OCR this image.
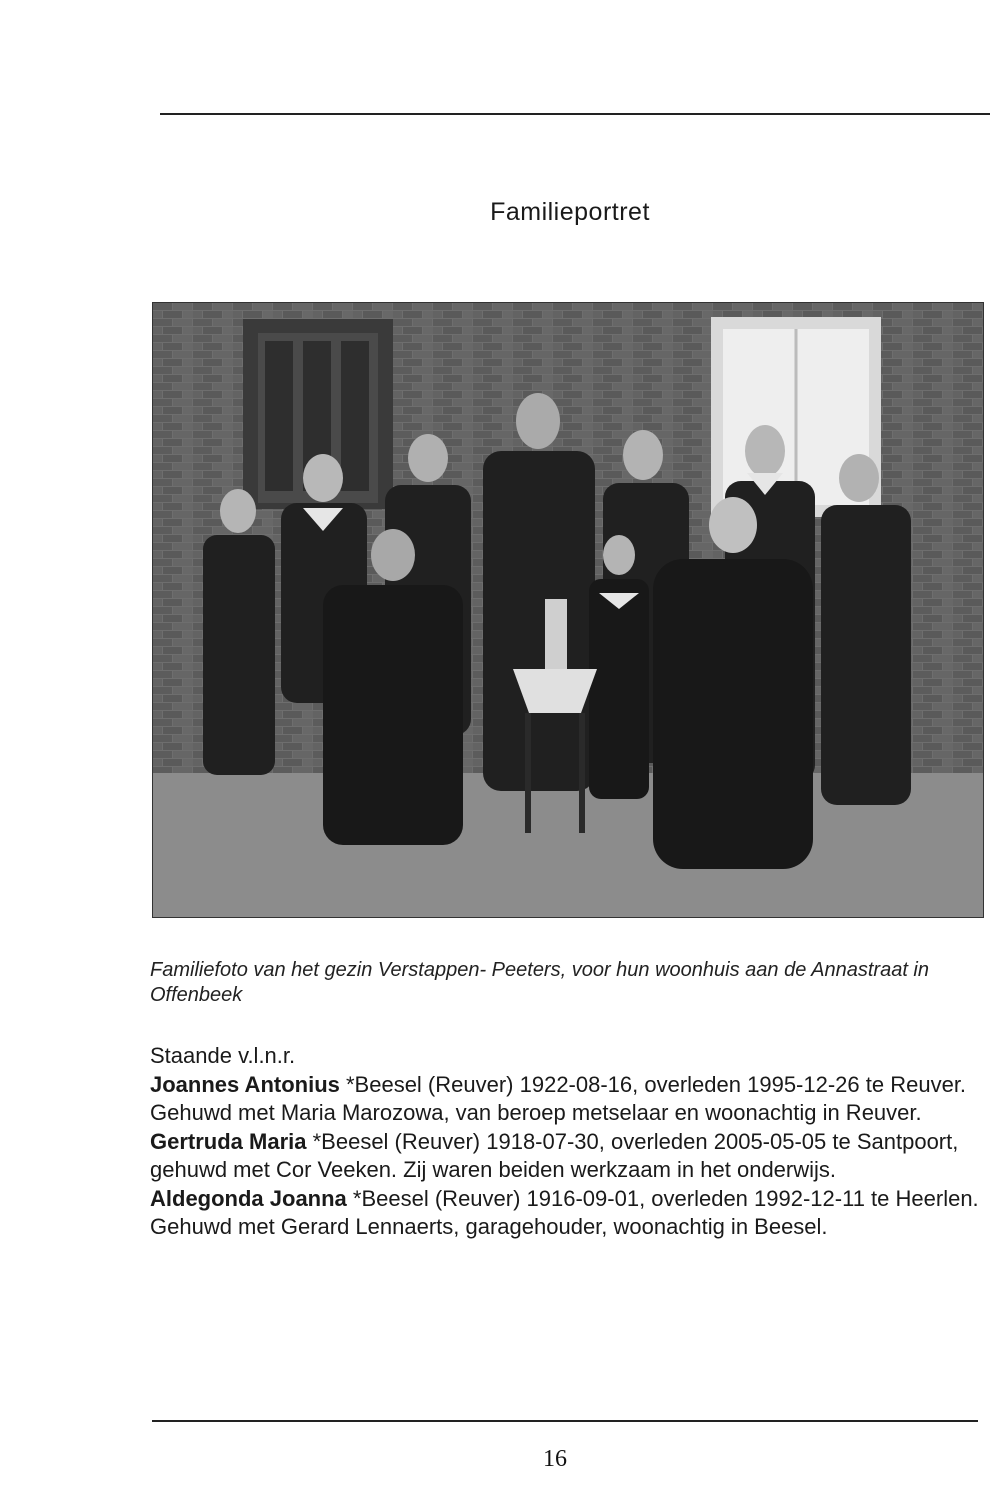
Familieportret
Familiefoto van het gezin Verstappen- Peeters, voor hun woonhuis aan de Annastraat in Offenbeek

Staande v.l.n.r.

Joannes Antonius *Beesel (Reuver) 1922-08-16, overleden 1995-12-26 te Reuver. Gehuwd met Maria Marozowa, van beroep metselaar en woonachtig in Reuver.

Gertruda Maria *Beesel (Reuver) 1918-07-30, overleden 2005-05-05 te Santpoort, gehuwd met Cor Veeken. Zij waren beiden werkzaam in het onderwijs.

Aldegonda Joanna *Beesel (Reuver) 1916-09-01, overleden 1992-12-11 te Heerlen. Gehuwd met Gerard Lennaerts, garagehouder, woonachtig in Beesel.

16
